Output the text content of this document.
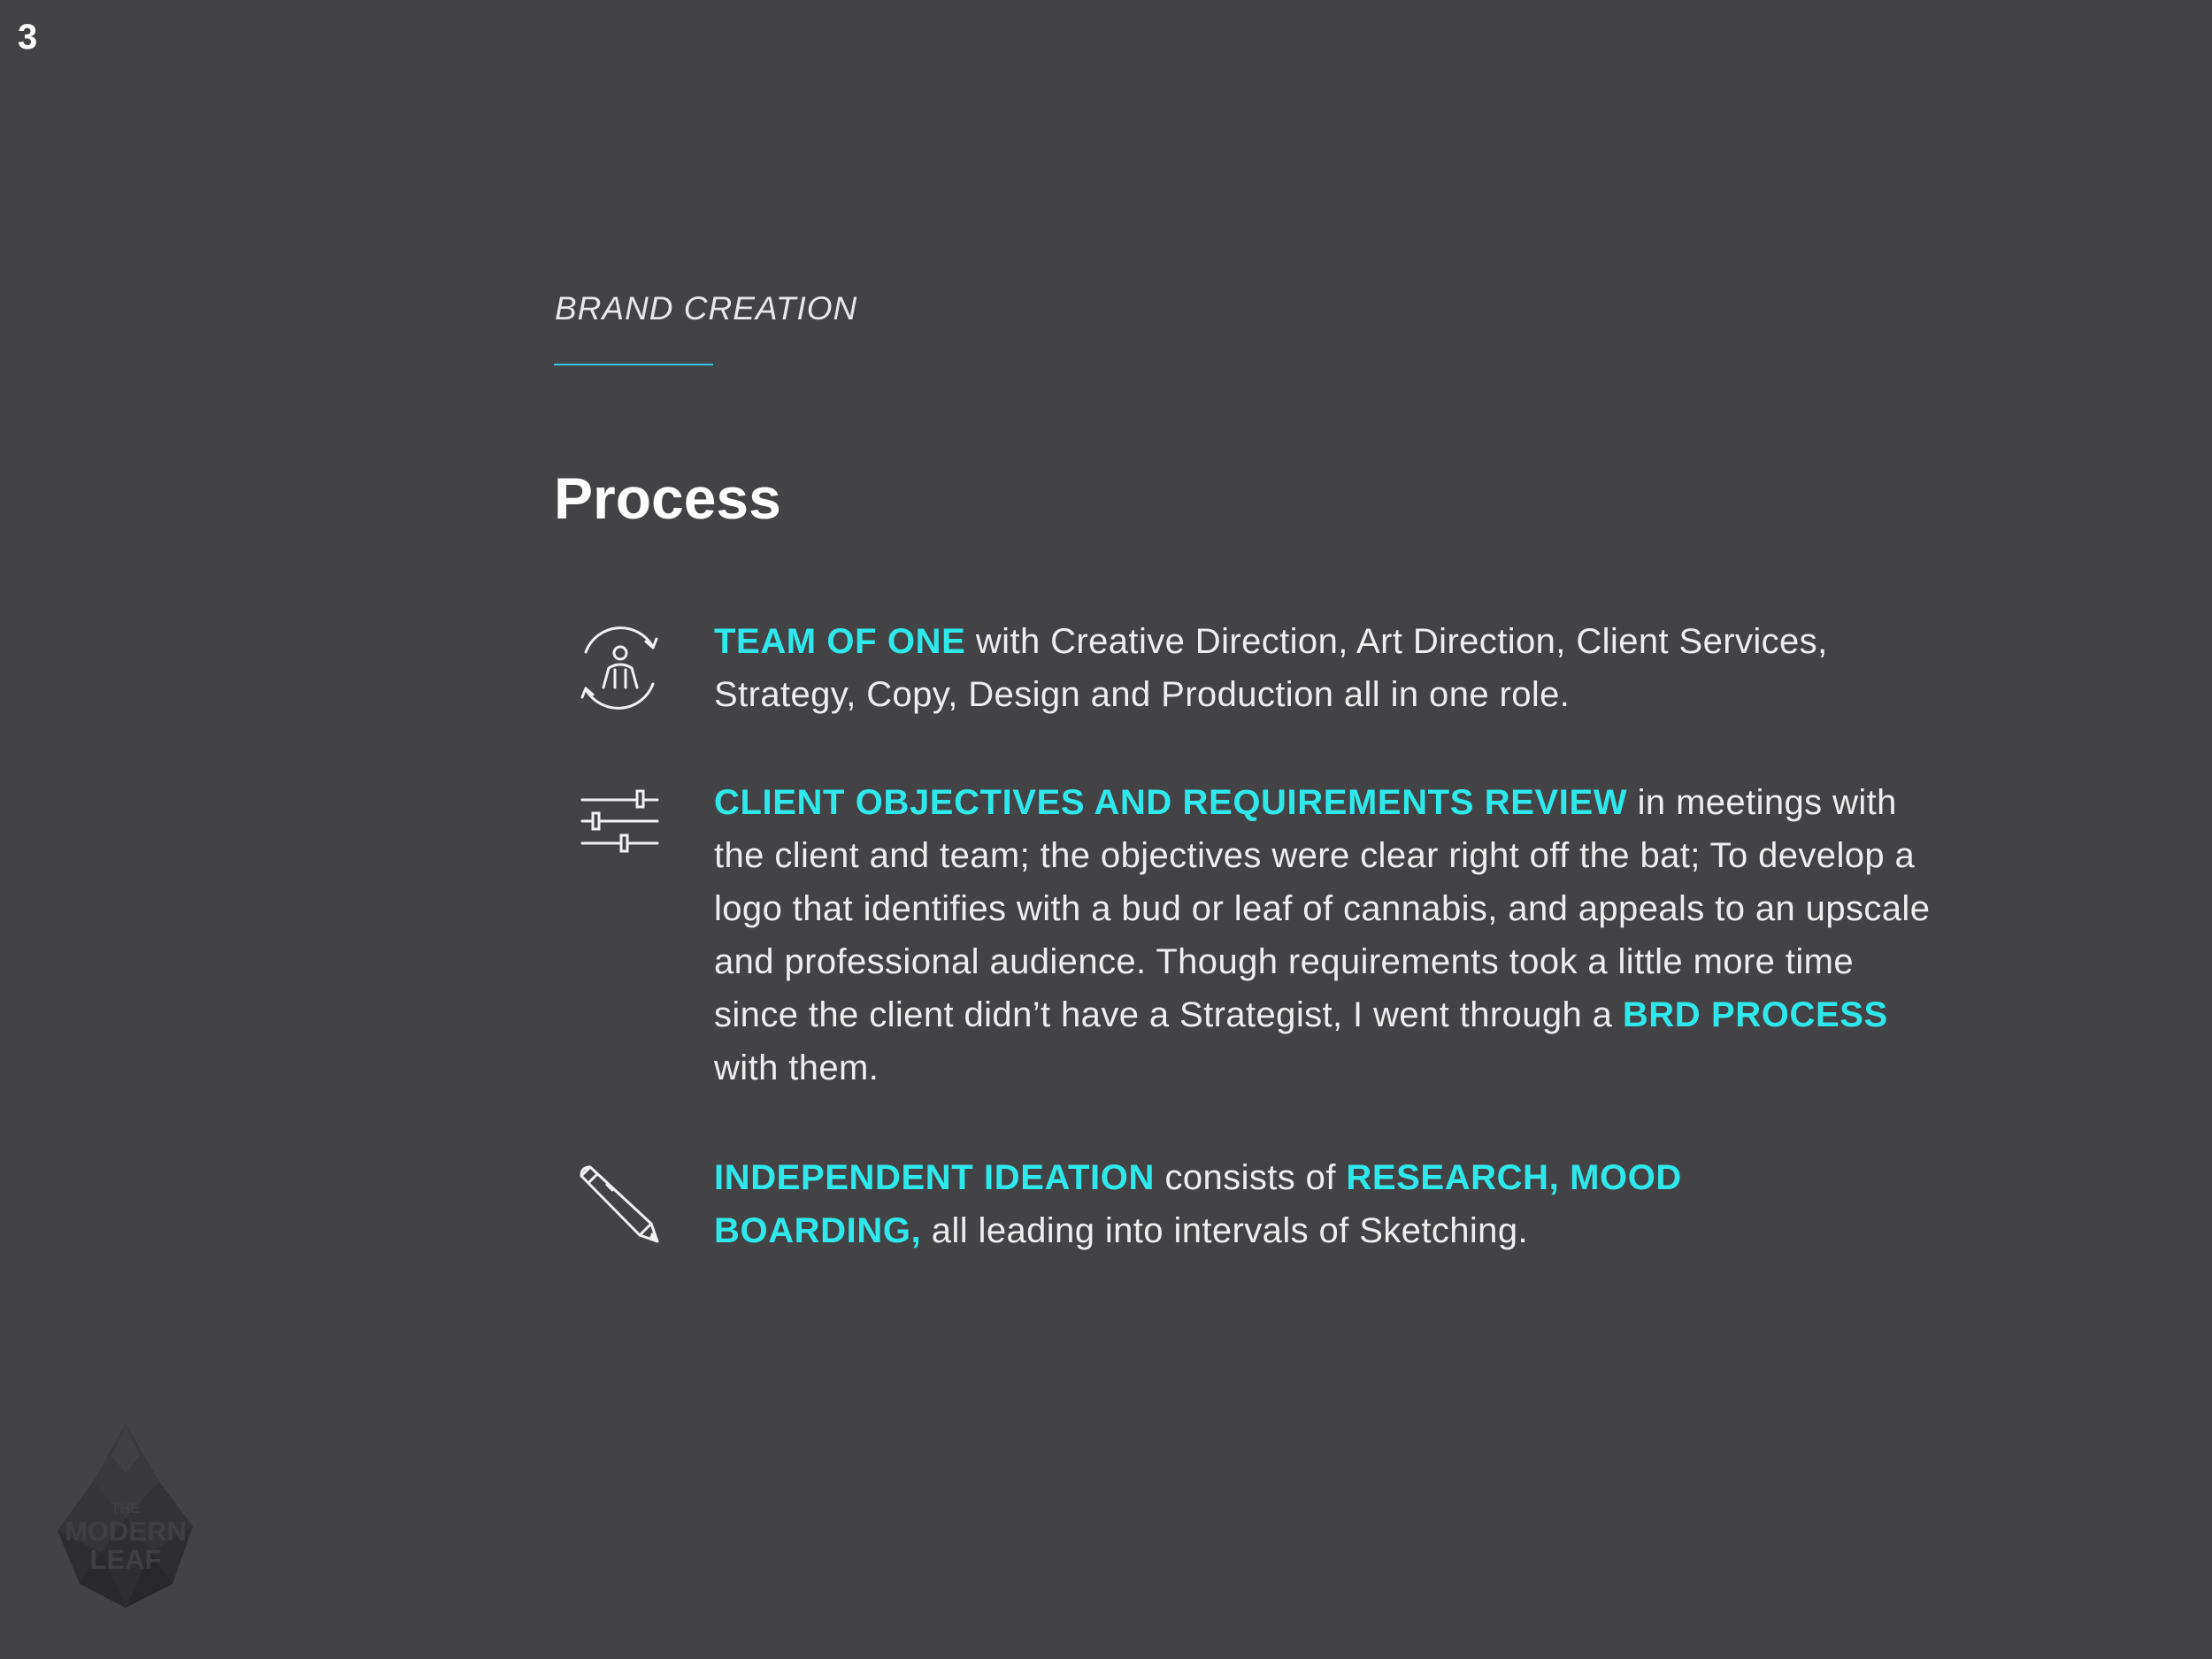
3
BRAND CREATION
Process
TEAM OF ONE with Creative Direction, Art Direction, Client Services, Strategy, Copy, Design and Production all in one role.
CLIENT OBJECTIVES AND REQUIREMENTS REVIEW in meetings with the client and team; the objectives were clear right off the bat; To develop a logo that identifies with a bud or leaf of cannabis, and appeals to an upscale and professional audience. Though requirements took a little more time since the client didn’t have a Strategist, I went through a BRD PROCESS with them.
INDEPENDENT IDEATION consists of RESEARCH, MOOD BOARDING, all leading into intervals of Sketching.
THE
MODERN
LEAF
